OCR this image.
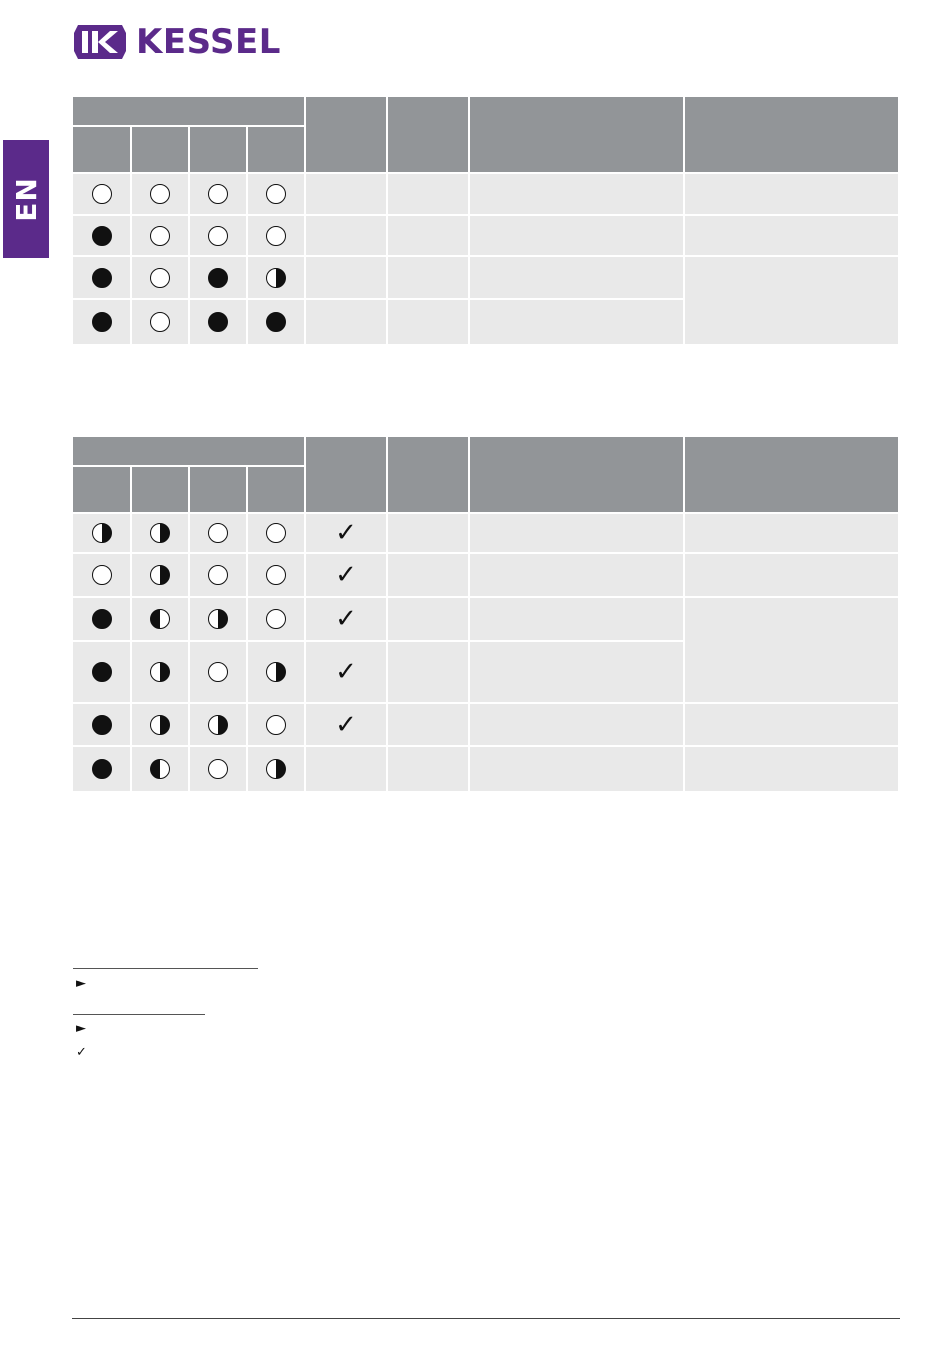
KESSEL
EN
✓
✓
✓
✓
✓
►
►
✓
